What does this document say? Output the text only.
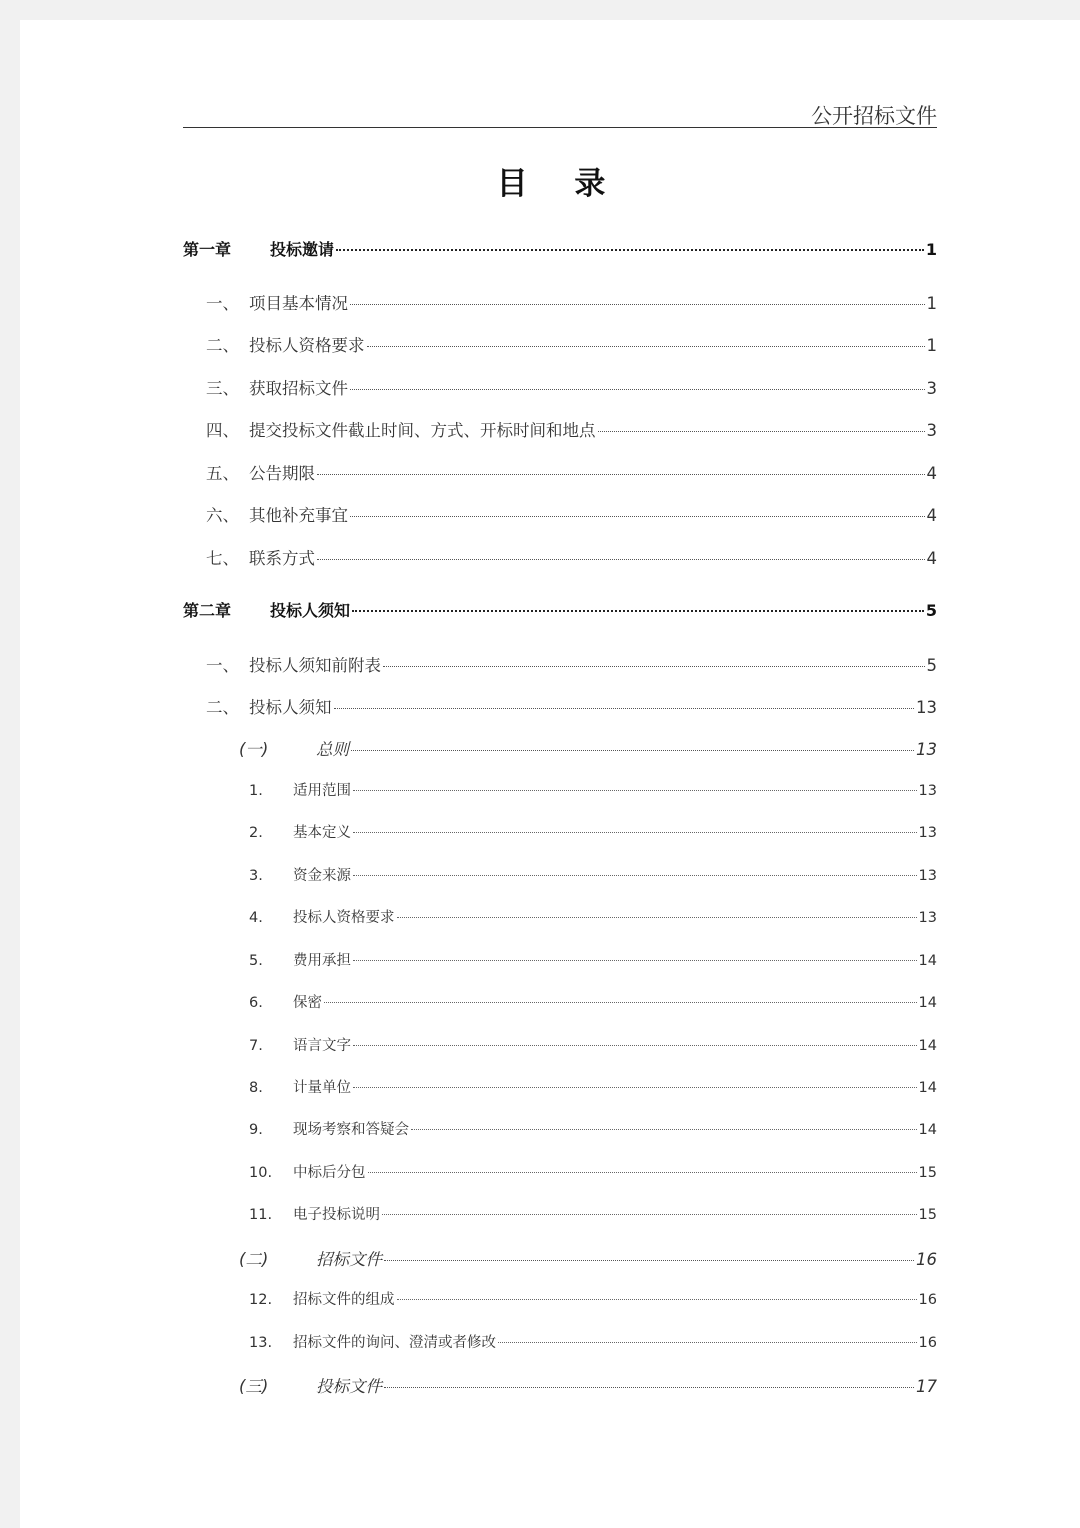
公开招标文件
目 录
第一章	投标邀请	1
一、 项目基本情况	1
二、 投标人资格要求	1
三、 获取招标文件	3
四、 提交投标文件截止时间、方式、开标时间和地点	3
五、 公告期限	4
六、 其他补充事宜	4
七、 联系方式	4
第二章	投标人须知	5
一、 投标人须知前附表	5
二、 投标人须知	13
(一)	总则	13
1.	适用范围	13
2.	基本定义	13
3.	资金来源	13
4.	投标人资格要求	13
5.	费用承担	14
6.	保密	14
7.	语言文字	14
8.	计量单位	14
9.	现场考察和答疑会	14
10.	中标后分包	15
11.	电子投标说明	15
(二)	招标文件	16
12.	招标文件的组成	16
13.	招标文件的询问、澄清或者修改	16
(三)	投标文件	17
